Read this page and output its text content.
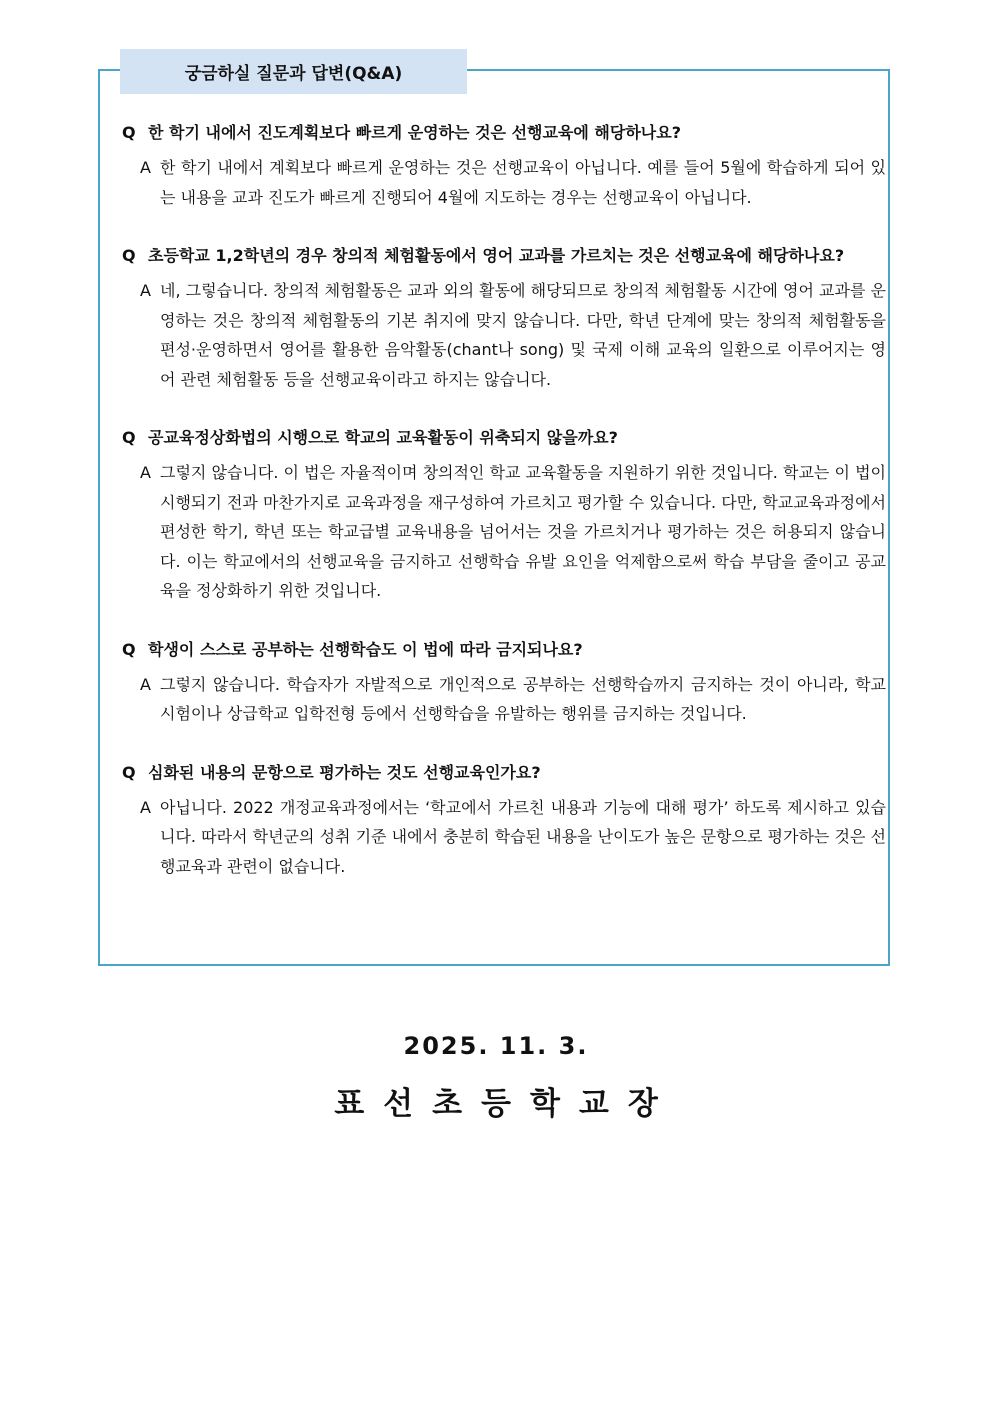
궁금하실 질문과 답변(Q&A)
Q 한 학기 내에서 진도계획보다 빠르게 운영하는 것은 선행교육에 해당하나요?
A 한 학기 내에서 계획보다 빠르게 운영하는 것은 선행교육이 아닙니다. 예를 들어 5월에 학습하게 되어 있는 내용을 교과 진도가 빠르게 진행되어 4월에 지도하는 경우는 선행교육이 아닙니다.
Q 초등학교 1,2학년의 경우 창의적 체험활동에서 영어 교과를 가르치는 것은 선행교육에 해당하나요?
A 네, 그렇습니다. 창의적 체험활동은 교과 외의 활동에 해당되므로 창의적 체험활동 시간에 영어 교과를 운영하는 것은 창의적 체험활동의 기본 취지에 맞지 않습니다. 다만, 학년 단계에 맞는 창의적 체험활동을 편성·운영하면서 영어를 활용한 음악활동(chant나 song) 및 국제 이해 교육의 일환으로 이루어지는 영어 관련 체험활동 등을 선행교육이라고 하지는 않습니다.
Q 공교육정상화법의 시행으로 학교의 교육활동이 위축되지 않을까요?
A 그렇지 않습니다. 이 법은 자율적이며 창의적인 학교 교육활동을 지원하기 위한 것입니다. 학교는 이 법이 시행되기 전과 마찬가지로 교육과정을 재구성하여 가르치고 평가할 수 있습니다. 다만, 학교교육과정에서 편성한 학기, 학년 또는 학교급별 교육내용을 넘어서는 것을 가르치거나 평가하는 것은 허용되지 않습니다. 이는 학교에서의 선행교육을 금지하고 선행학습 유발 요인을 억제함으로써 학습 부담을 줄이고 공교육을 정상화하기 위한 것입니다.
Q 학생이 스스로 공부하는 선행학습도 이 법에 따라 금지되나요?
A 그렇지 않습니다. 학습자가 자발적으로 개인적으로 공부하는 선행학습까지 금지하는 것이 아니라, 학교 시험이나 상급학교 입학전형 등에서 선행학습을 유발하는 행위를 금지하는 것입니다.
Q 심화된 내용의 문항으로 평가하는 것도 선행교육인가요?
A 아닙니다. 2022 개정교육과정에서는 ‘학교에서 가르친 내용과 기능에 대해 평가’ 하도록 제시하고 있습니다. 따라서 학년군의 성취 기준 내에서 충분히 학습된 내용을 난이도가 높은 문항으로 평가하는 것은 선행교육과 관련이 없습니다.
2025. 11. 3.
표선초등학교장
